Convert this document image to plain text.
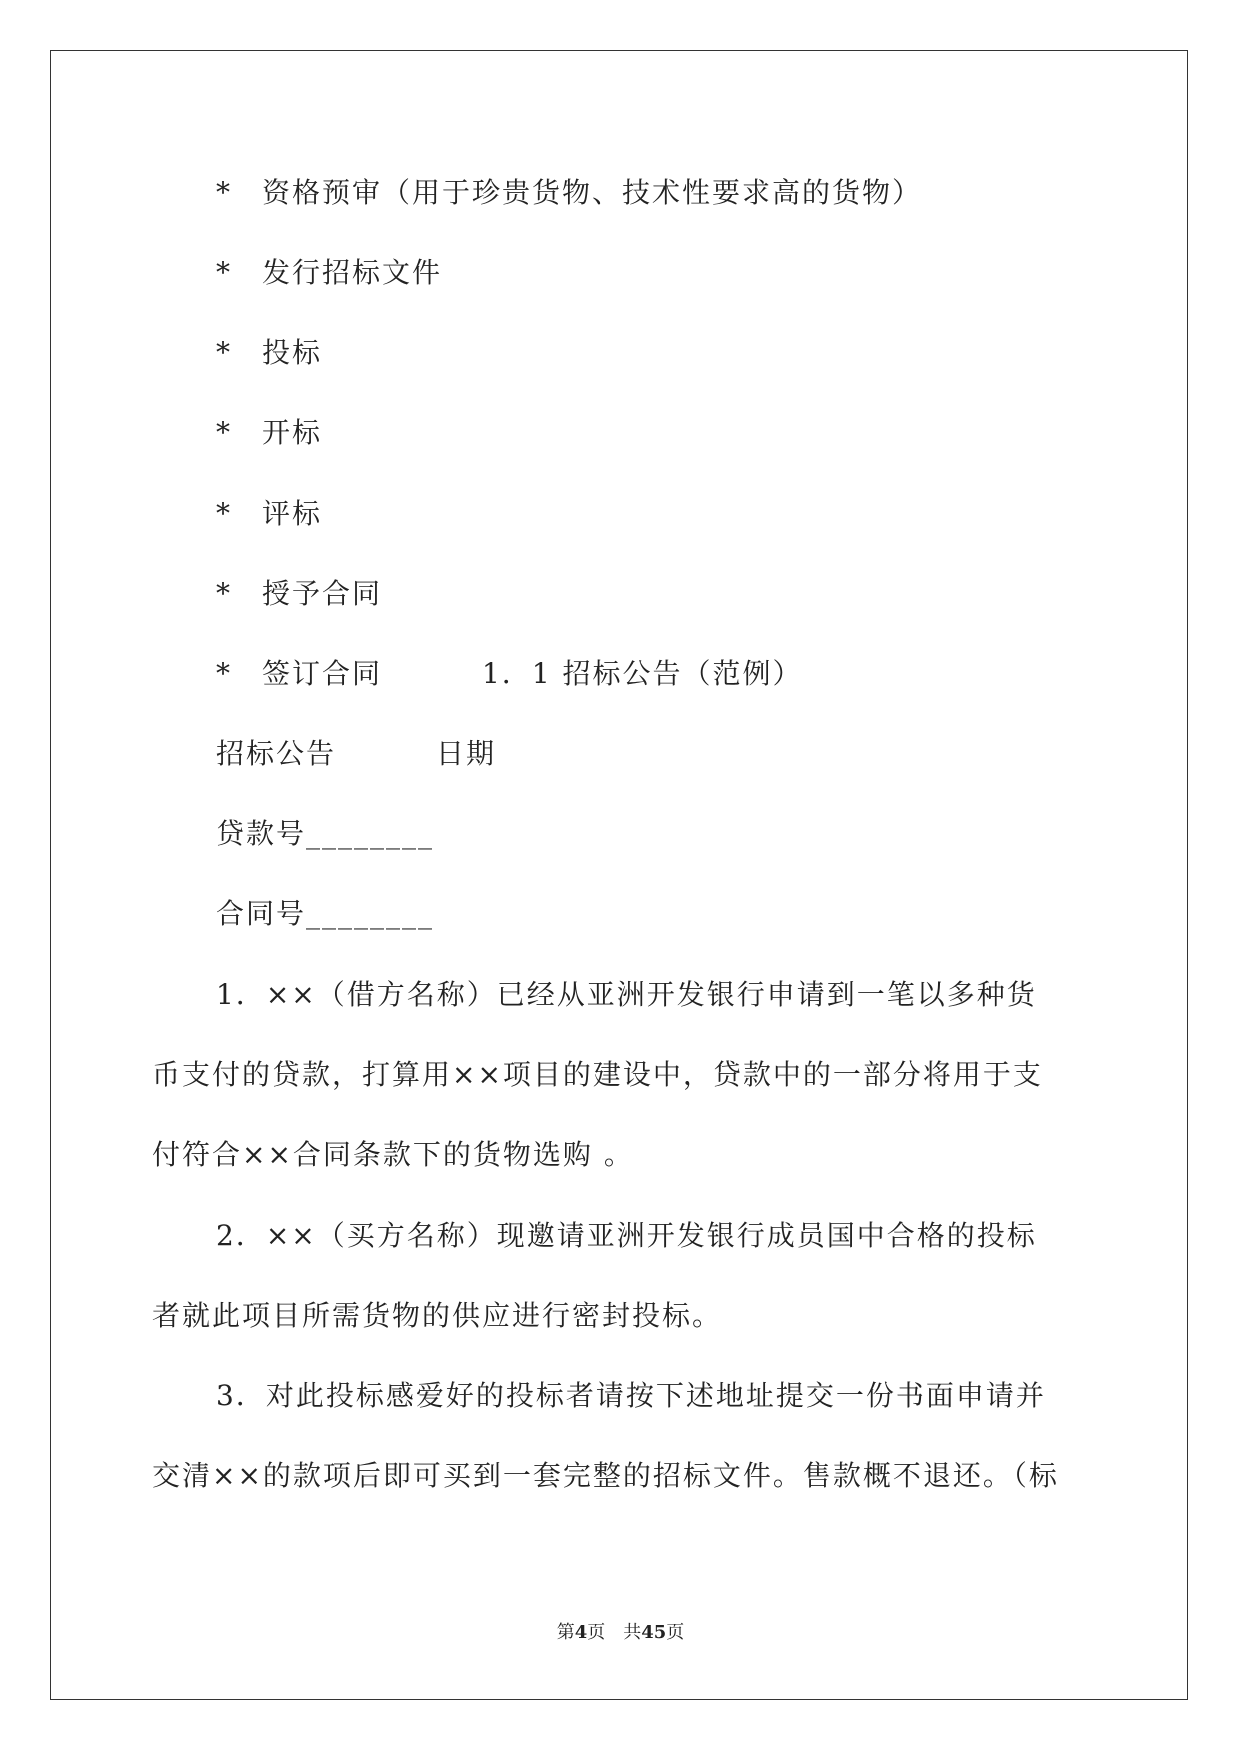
* 资格预审（用于珍贵货物、技术性要求高的货物）
* 发行招标文件
* 投标
* 开标
* 评标
* 授予合同
* 签订合同	1．1 招标公告（范例）
招标公告	日期
贷款号________
合同号________
1．××（借方名称）已经从亚洲开发银行申请到一笔以多种货
币支付的贷款，打算用××项目的建设中，贷款中的一部分将用于支
付符合××合同条款下的货物选购 。
2．××（买方名称）现邀请亚洲开发银行成员国中合格的投标
者就此项目所需货物的供应进行密封投标。
3．对此投标感爱好的投标者请按下述地址提交一份书面申请并
交清××的款项后即可买到一套完整的招标文件。售款概不退还。（标
第4页　共45页
